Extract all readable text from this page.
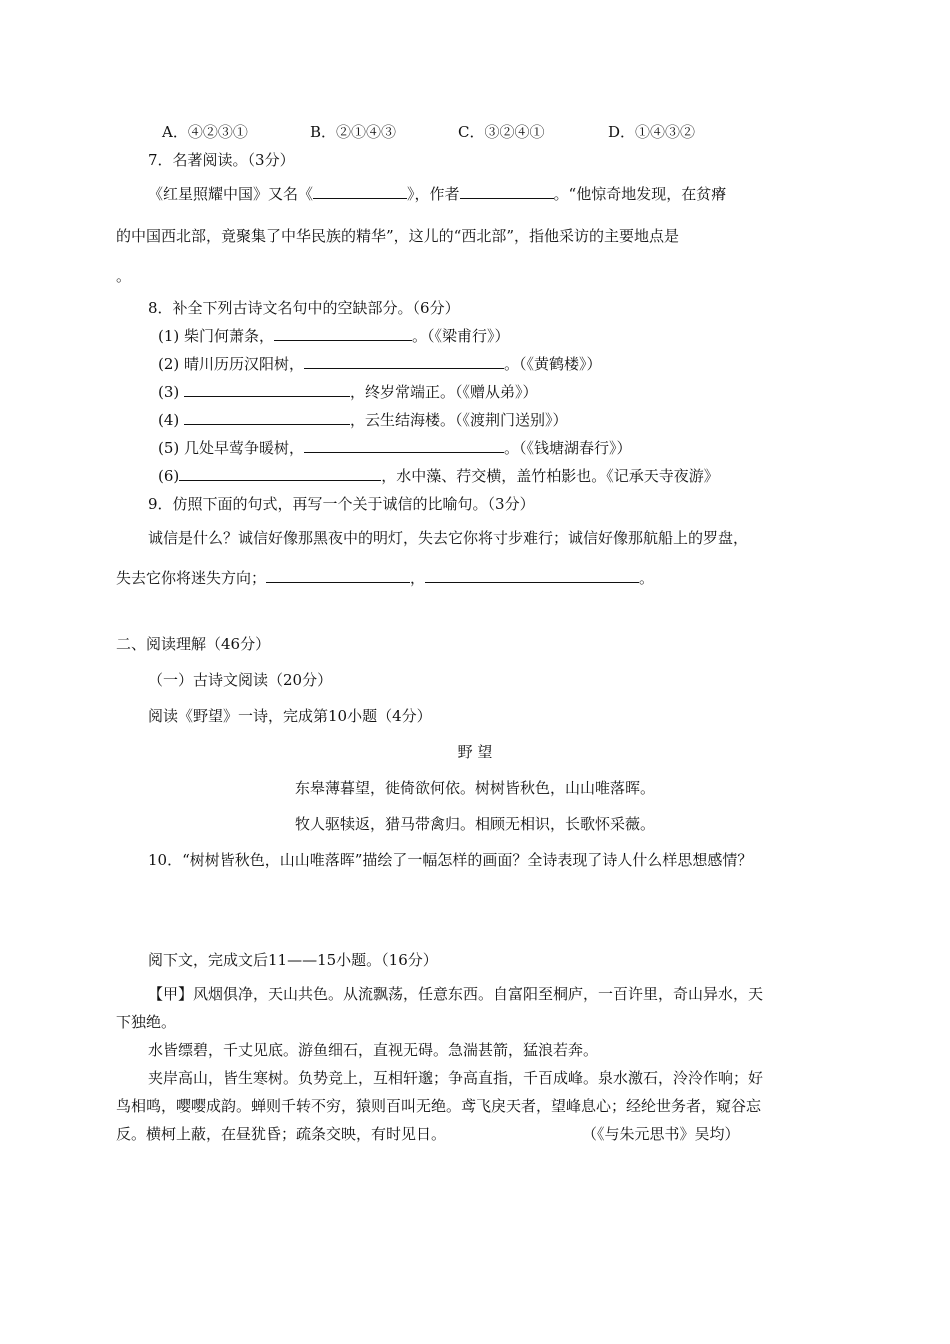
A．④②③①	B．②①④③	C．③②④①	D．①④③②
7．名著阅读。（3分）
《红星照耀中国》又名《	》，作者	。“他惊奇地发现，在贫瘠
的中国西北部，竟聚集了中华民族的精华”，这儿的“西北部”，指他采访的主要地点是
。
8．补全下列古诗文名句中的空缺部分。（6分）
(1) 柴门何萧条，	。（《梁甫行》）
(2) 晴川历历汉阳树，	。（《黄鹤楼》）
(3)	，终岁常端正。（《赠从弟》）
(4)	，云生结海楼。（《渡荆门送别》）
(5) 几处早莺争暖树，	。（《钱塘湖春行》）
(6)	，水中藻、荇交横，盖竹柏影也。《记承天寺夜游》
9．仿照下面的句式，再写一个关于诚信的比喻句。（3分）
诚信是什么？诚信好像那黑夜中的明灯，失去它你将寸步难行；诚信好像那航船上的罗盘，
失去它你将迷失方向；	，	。
二、阅读理解（46分）
（一）古诗文阅读（20分）
阅读《野望》一诗，完成第10小题（4分）
野 望
东皋薄暮望，徙倚欲何依。树树皆秋色，山山唯落晖。
牧人驱犊返，猎马带禽归。相顾无相识，长歌怀采薇。
10．“树树皆秋色，山山唯落晖”描绘了一幅怎样的画面？全诗表现了诗人什么样思想感情？
阅下文，完成文后11——15小题。（16分）
【甲】风烟俱净，天山共色。从流飘荡，任意东西。自富阳至桐庐，一百许里，奇山异水，天
下独绝。
水皆缥碧，千丈见底。游鱼细石，直视无碍。急湍甚箭，猛浪若奔。
夹岸高山，皆生寒树。负势竞上，互相轩邈；争高直指，千百成峰。泉水激石，泠泠作响；好
鸟相鸣，嘤嘤成韵。蝉则千转不穷，猿则百叫无绝。鸢飞戾天者，望峰息心；经纶世务者，窥谷忘
反。横柯上蔽，在昼犹昏；疏条交映，有时见日。	（《与朱元思书》吴均）
